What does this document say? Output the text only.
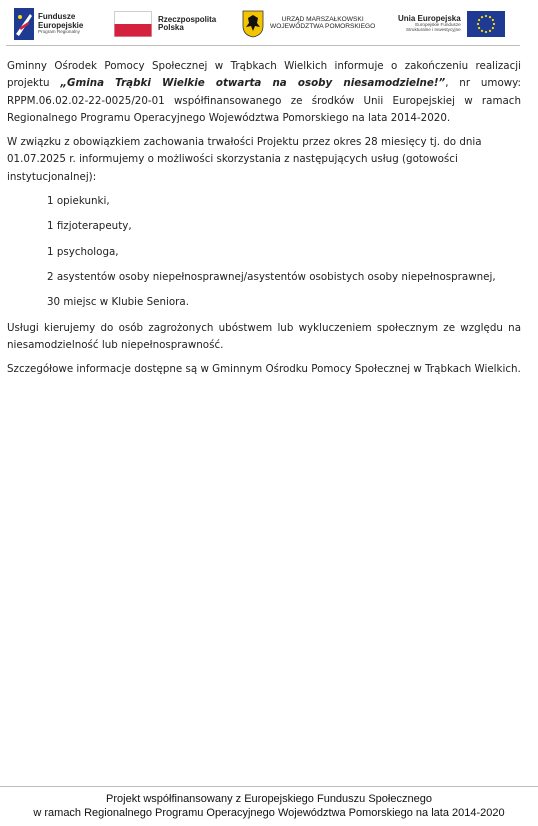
Fundusze
Europejskie
Program Regionalny
Rzeczpospolita
Polska
URZĄD MARSZAŁKOWSKI
WOJEWÓDZTWA POMORSKIEGO
Unia Europejska
Europejskie Fundusze
Strukturalne i Inwestycyjne

Gminny Ośrodek Pomocy Społecznej w Trąbkach Wielkich informuje o zakończeniu realizacji projektu „Gmina Trąbki Wielkie otwarta na osoby niesamodzielne!”, nr umowy: RPPM.06.02.02-22-0025/20-01 współfinansowanego ze środków Unii Europejskiej w ramach Regionalnego Programu Operacyjnego Województwa Pomorskiego na lata 2014-2020.

W związku z obowiązkiem zachowania trwałości Projektu przez okres 28 miesięcy tj. do dnia 01.07.2025 r. informujemy o możliwości skorzystania z następujących usług (gotowości instytucjonalnej):

1 opiekunki,
1 fizjoterapeuty,
1 psychologa,
2 asystentów osoby niepełnosprawnej/asystentów osobistych osoby niepełnosprawnej,
30 miejsc w Klubie Seniora.

Usługi kierujemy do osób zagrożonych ubóstwem lub wykluczeniem społecznym ze względu na niesamodzielność lub niepełnosprawność.

Szczegółowe informacje dostępne są w Gminnym Ośrodku Pomocy Społecznej w Trąbkach Wielkich.

Projekt współfinansowany z Europejskiego Funduszu Społecznego
w ramach Regionalnego Programu Operacyjnego Województwa Pomorskiego na lata 2014-2020
